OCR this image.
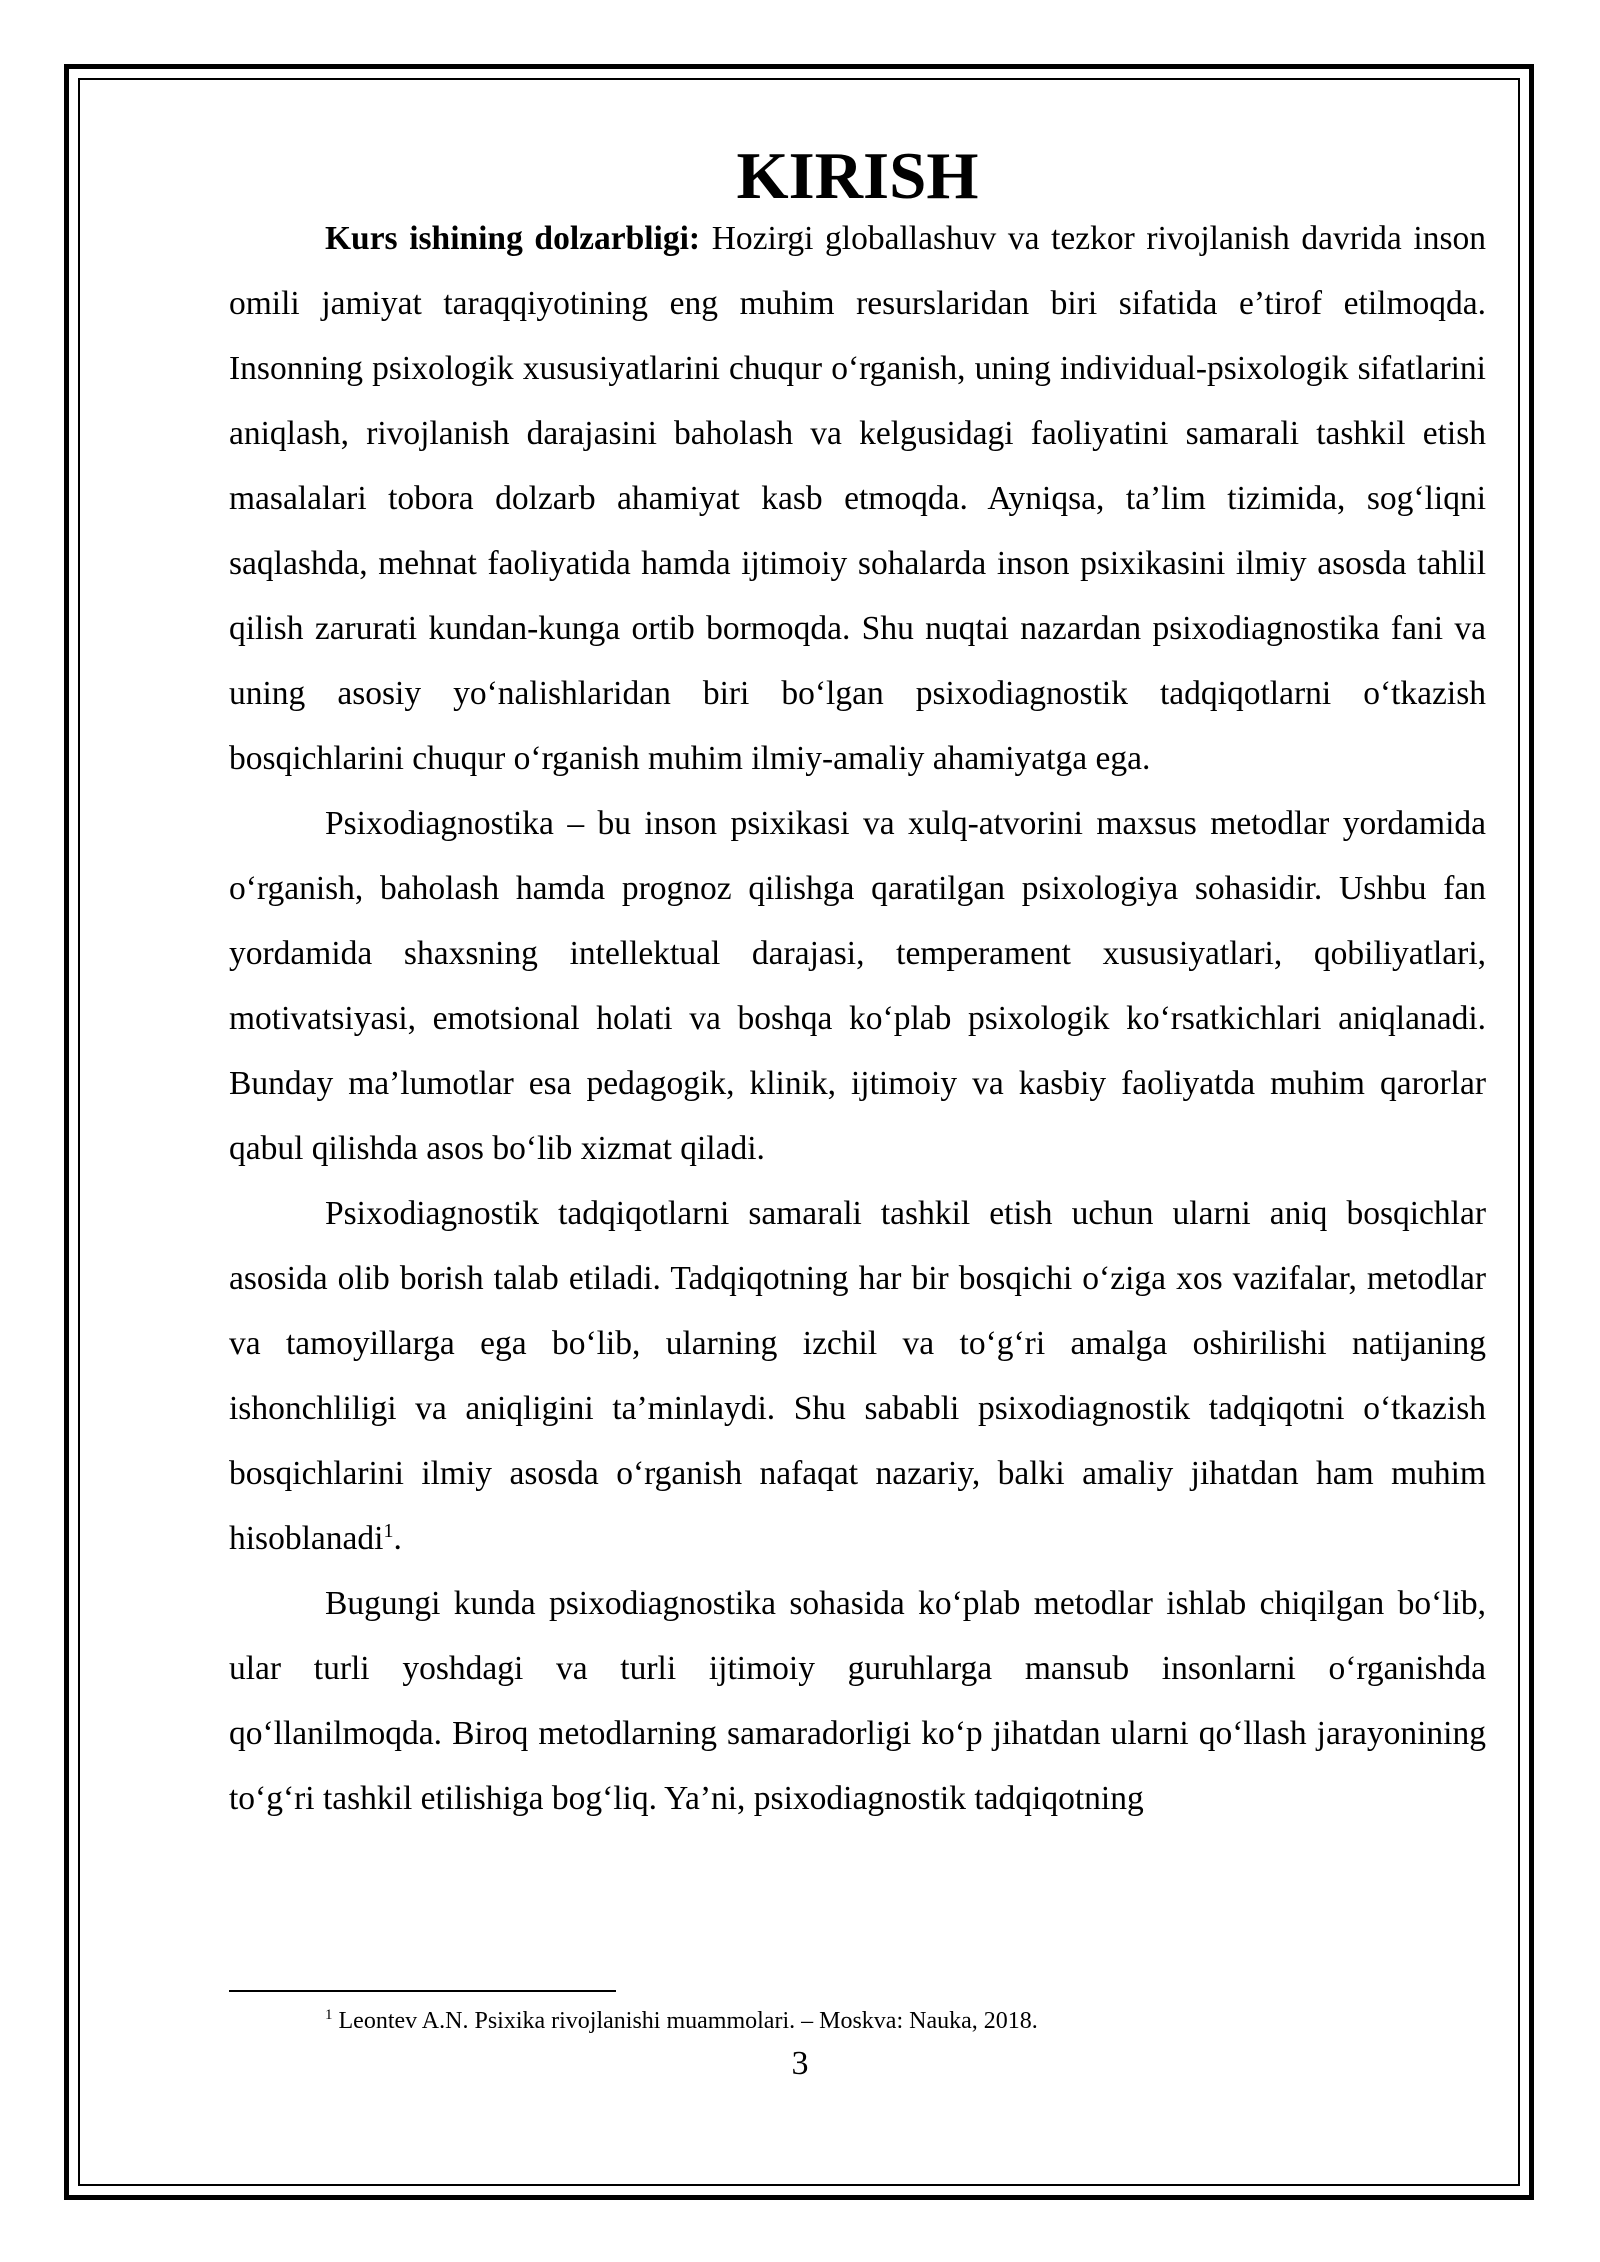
KIRISH

Kurs ishining dolzarbligi: Hozirgi globallashuv va tezkor rivojlanish davrida inson omili jamiyat taraqqiyotining eng muhim resurslaridan biri sifatida e’tirof etilmoqda. Insonning psixologik xususiyatlarini chuqur o‘rganish, uning individual-psixologik sifatlarini aniqlash, rivojlanish darajasini baholash va kelgusidagi faoliyatini samarali tashkil etish masalalari tobora dolzarb ahamiyat kasb etmoqda. Ayniqsa, ta’lim tizimida, sog‘liqni saqlashda, mehnat faoliyatida hamda ijtimoiy sohalarda inson psixikasini ilmiy asosda tahlil qilish zarurati kundan-kunga ortib bormoqda. Shu nuqtai nazardan psixodiagnostika fani va uning asosiy yo‘nalishlaridan biri bo‘lgan psixodiagnostik tadqiqotlarni o‘tkazish bosqichlarini chuqur o‘rganish muhim ilmiy-amaliy ahamiyatga ega.

Psixodiagnostika – bu inson psixikasi va xulq-atvorini maxsus metodlar yordamida o‘rganish, baholash hamda prognoz qilishga qaratilgan psixologiya sohasidir. Ushbu fan yordamida shaxsning intellektual darajasi, temperament xususiyatlari, qobiliyatlari, motivatsiyasi, emotsional holati va boshqa ko‘plab psixologik ko‘rsatkichlari aniqlanadi. Bunday ma’lumotlar esa pedagogik, klinik, ijtimoiy va kasbiy faoliyatda muhim qarorlar qabul qilishda asos bo‘lib xizmat qiladi.

Psixodiagnostik tadqiqotlarni samarali tashkil etish uchun ularni aniq bosqichlar asosida olib borish talab etiladi. Tadqiqotning har bir bosqichi o‘ziga xos vazifalar, metodlar va tamoyillarga ega bo‘lib, ularning izchil va to‘g‘ri amalga oshirilishi natijaning ishonchliligi va aniqligini ta’minlaydi. Shu sababli psixodiagnostik tadqiqotni o‘tkazish bosqichlarini ilmiy asosda o‘rganish nafaqat nazariy, balki amaliy jihatdan ham muhim hisoblanadi$^1$.

Bugungi kunda psixodiagnostika sohasida ko‘plab metodlar ishlab chiqilgan bo‘lib, ular turli yoshdagi va turli ijtimoiy guruhlarga mansub insonlarni o‘rganishda qo‘llanilmoqda. Biroq metodlarning samaradorligi ko‘p jihatdan ularni qo‘llash jarayonining to‘g‘ri tashkil etilishiga bog‘liq. Ya’ni, psixodiagnostik tadqiqotning

$^1$ Leontev A.N. Psixika rivojlanishi muammolari. – Moskva: Nauka, 2018.
3
